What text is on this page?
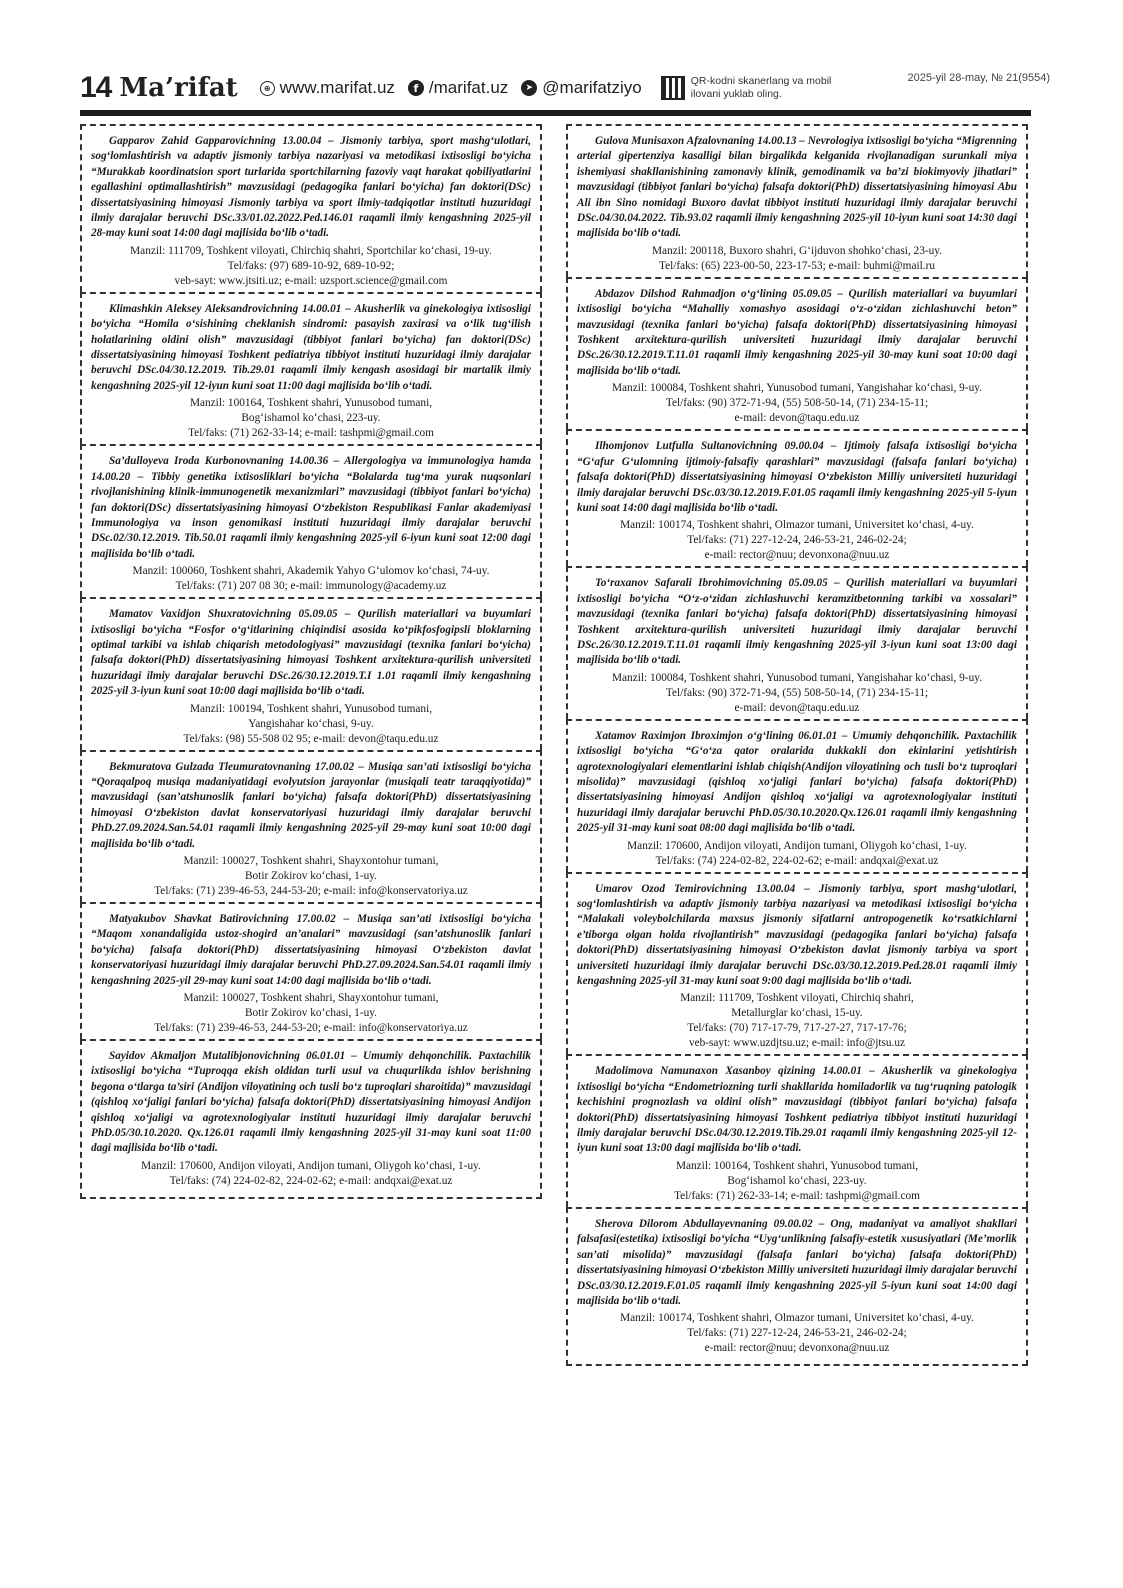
14 Ma’rifat	⊕ www.marifat.uz	f /marifat.uz	➤ @marifatziyo	QR-kodni skanerlang va mobil ilovani yuklab oling.
2025-yil 28-may, № 21(9554)

Gapparov Zahid Gapparovichning 13.00.04 – Jismoniy tarbiya, sport mashg‘ulotlari, sog‘lomlashtirish va adaptiv jismoniy tarbiya nazariyasi va metodikasi ixtisosligi bo‘yicha “Murakkab koordinatsion sport turlarida sportchilarning fazoviy vaqt harakat qobiliyatlarini egallashini optimallashtirish” mavzusidagi (pedagogika fanlari bo‘yicha) fan doktori(DSc) dissertatsiyasining himoyasi Jismoniy tarbiya va sport ilmiy-tadqiqotlar instituti huzuridagi ilmiy darajalar beruvchi DSc.33/01.02.2022.Ped.146.01 raqamli ilmiy kengashning 2025-yil 28-may kuni soat 14:00 dagi majlisida bo‘lib o‘tadi.

Manzil: 111709, Toshkent viloyati, Chirchiq shahri, Sportchilar ko‘chasi, 19-uy.

Tel/faks: (97) 689-10-92, 689-10-92;

veb-sayt: www.jtsiti.uz; e-mail: uzsport.science@gmail.com

Klimashkin Aleksey Aleksandrovichning 14.00.01 – Akusherlik va ginekologiya ixtisosligi bo‘yicha “Homila o‘sishining cheklanish sindromi: pasayish zaxirasi va o‘lik tug‘ilish holatlarining oldini olish” mavzusidagi (tibbiyot fanlari bo‘yicha) fan doktori(DSc) dissertatsiyasining himoyasi Toshkent pediatriya tibbiyot instituti huzuridagi ilmiy darajalar beruvchi DSc.04/30.12.2019. Tib.29.01 raqamli ilmiy kengash asosidagi bir martalik ilmiy kengashning 2025-yil 12-iyun kuni soat 11:00 dagi majlisida bo‘lib o‘tadi.

Manzil: 100164, Toshkent shahri, Yunusobod tumani,

Bog‘ishamol ko‘chasi, 223-uy.

Tel/faks: (71) 262-33-14; e-mail: tashpmi@gmail.com

Sa’dulloyeva Iroda Kurbonovnaning 14.00.36 – Allergologiya va immunologiya hamda 14.00.20 – Tibbiy genetika ixtisosliklari bo‘yicha “Bolalarda tug‘ma yurak nuqsonlari rivojlanishining klinik-immunogenetik mexanizmlari” mavzusidagi (tibbiyot fanlari bo‘yicha) fan doktori(DSc) dissertatsiyasining himoyasi O‘zbekiston Respublikasi Fanlar akademiyasi Immunologiya va inson genomikasi instituti huzuridagi ilmiy darajalar beruvchi DSc.02/30.12.2019. Tib.50.01 raqamli ilmiy kengashning 2025-yil 6-iyun kuni soat 12:00 dagi majlisida bo‘lib o‘tadi.

Manzil: 100060, Toshkent shahri, Akademik Yahyo G‘ulomov ko‘chasi, 74-uy.

Tel/faks: (71) 207 08 30; e-mail: immunology@academy.uz

Mamatov Vaxidjon Shuxratovichning 05.09.05 – Qurilish materiallari va buyumlari ixtisosligi bo‘yicha “Fosfor o‘g‘itlarining chiqindisi asosida ko‘pikfosfogipsli bloklarning optimal tarkibi va ishlab chiqarish metodologiyasi” mavzusidagi (texnika fanlari bo‘yicha) falsafa doktori(PhD) dissertatsiyasining himoyasi Toshkent arxitektura-qurilish universiteti huzuridagi ilmiy darajalar beruvchi DSc.26/30.12.2019.T.I 1.01 raqamli ilmiy kengashning 2025-yil 3-iyun kuni soat 10:00 dagi majlisida bo‘lib o‘tadi.

Manzil: 100194, Toshkent shahri, Yunusobod tumani,

Yangishahar ko‘chasi, 9-uy.

Tel/faks: (98) 55-508 02 95; e-mail: devon@taqu.edu.uz

Bekmuratova Gulzada Tleumuratovnaning 17.00.02 – Musiqa san’ati ixtisosligi bo‘yicha “Qoraqalpoq musiqa madaniyatidagi evolyutsion jarayonlar (musiqali teatr taraqqiyotida)” mavzusidagi (san’atshunoslik fanlari bo‘yicha) falsafa doktori(PhD) dissertatsiyasining himoyasi O‘zbekiston davlat konservatoriyasi huzuridagi ilmiy darajalar beruvchi PhD.27.09.2024.San.54.01 raqamli ilmiy kengashning 2025-yil 29-may kuni soat 10:00 dagi majlisida bo‘lib o‘tadi.

Manzil: 100027, Toshkent shahri, Shayxontohur tumani,

Botir Zokirov ko‘chasi, 1-uy.

Tel/faks: (71) 239-46-53, 244-53-20; e-mail: info@konservatoriya.uz

Matyakubov Shavkat Batirovichning 17.00.02 – Musiqa san’ati ixtisosligi bo‘yicha “Maqom xonandaligida ustoz-shogird an’analari” mavzusidagi (san’atshunoslik fanlari bo‘yicha) falsafa doktori(PhD) dissertatsiyasining himoyasi O‘zbekiston davlat konservatoriyasi huzuridagi ilmiy darajalar beruvchi PhD.27.09.2024.San.54.01 raqamli ilmiy kengashning 2025-yil 29-may kuni soat 14:00 dagi majlisida bo‘lib o‘tadi.

Manzil: 100027, Toshkent shahri, Shayxontohur tumani,

Botir Zokirov ko‘chasi, 1-uy.

Tel/faks: (71) 239-46-53, 244-53-20; e-mail: info@konservatoriya.uz

Sayidov Akmaljon Mutalibjonovichning 06.01.01 – Umumiy dehqonchilik. Paxtachilik ixtisosligi bo‘yicha “Tuproqqa ekish oldidan turli usul va chuqurlikda ishlov berishning begona o‘tlarga ta’siri (Andijon viloyatining och tusli bo‘z tuproqlari sharoitida)” mavzusidagi (qishloq xo‘jaligi fanlari bo‘yicha) falsafa doktori(PhD) dissertatsiyasining himoyasi Andijon qishloq xo‘jaligi va agrotexnologiyalar instituti huzuridagi ilmiy darajalar beruvchi PhD.05/30.10.2020. Qx.126.01 raqamli ilmiy kengashning 2025-yil 31-may kuni soat 11:00 dagi majlisida bo‘lib o‘tadi.

Manzil: 170600, Andijon viloyati, Andijon tumani, Oliygoh ko‘chasi, 1-uy.

Tel/faks: (74) 224-02-82, 224-02-62; e-mail: andqxai@exat.uz

Gulova Munisaxon Afzalovnaning 14.00.13 – Nevrologiya ixtisosligi bo‘yicha “Migrenning arterial gipertenziya kasalligi bilan birgalikda kelganida rivojlanadigan surunkali miya ishemiyasi shakllanishining zamonaviy klinik, gemodinamik va ba’zi biokimyoviy jihatlari” mavzusidagi (tibbiyot fanlari bo‘yicha) falsafa doktori(PhD) dissertatsiyasining himoyasi Abu Ali ibn Sino nomidagi Buxoro davlat tibbiyot instituti huzuridagi ilmiy darajalar beruvchi DSc.04/30.04.2022. Tib.93.02 raqamli ilmiy kengashning 2025-yil 10-iyun kuni soat 14:30 dagi majlisida bo‘lib o‘tadi.

Manzil: 200118, Buxoro shahri, G‘ijduvon shohko‘chasi, 23-uy.

Tel/faks: (65) 223-00-50, 223-17-53; e-mail: buhmi@mail.ru

Abdazov Dilshod Rahmadjon o‘g‘lining 05.09.05 – Qurilish materiallari va buyumlari ixtisosligi bo‘yicha “Mahalliy xomashyo asosidagi o‘z-o‘zidan zichlashuvchi beton” mavzusidagi (texnika fanlari bo‘yicha) falsafa doktori(PhD) dissertatsiyasining himoyasi Toshkent arxitektura-qurilish universiteti huzuridagi ilmiy darajalar beruvchi DSc.26/30.12.2019.T.11.01 raqamli ilmiy kengashning 2025-yil 30-may kuni soat 10:00 dagi majlisida bo‘lib o‘tadi.

Manzil: 100084, Toshkent shahri, Yunusobod tumani, Yangishahar ko‘chasi, 9-uy.

Tel/faks: (90) 372-71-94, (55) 508-50-14, (71) 234-15-11;

e-mail: devon@taqu.edu.uz

Ilhomjonov Lutfulla Sultanovichning 09.00.04 – Ijtimoiy falsafa ixtisosligi bo‘yicha “G‘afur G‘ulomning ijtimoiy-falsafiy qarashlari” mavzusidagi (falsafa fanlari bo‘yicha) falsafa doktori(PhD) dissertatsiyasining himoyasi O‘zbekiston Milliy universiteti huzuridagi ilmiy darajalar beruvchi DSc.03/30.12.2019.F.01.05 raqamli ilmiy kengashning 2025-yil 5-iyun kuni soat 14:00 dagi majlisida bo‘lib o‘tadi.

Manzil: 100174, Toshkent shahri, Olmazor tumani, Universitet ko‘chasi, 4-uy.

Tel/faks: (71) 227-12-24, 246-53-21, 246-02-24;

e-mail: rector@nuu; devonxona@nuu.uz

To‘raxanov Safarali Ibrohimovichning 05.09.05 – Qurilish materiallari va buyumlari ixtisosligi bo‘yicha “O‘z-o‘zidan zichlashuvchi keramzitbetonning tarkibi va xossalari” mavzusidagi (texnika fanlari bo‘yicha) falsafa doktori(PhD) dissertatsiyasining himoyasi Toshkent arxitektura-qurilish universiteti huzuridagi ilmiy darajalar beruvchi DSc.26/30.12.2019.T.11.01 raqamli ilmiy kengashning 2025-yil 3-iyun kuni soat 13:00 dagi majlisida bo‘lib o‘tadi.

Manzil: 100084, Toshkent shahri, Yunusobod tumani, Yangishahar ko‘chasi, 9-uy.

Tel/faks: (90) 372-71-94, (55) 508-50-14, (71) 234-15-11;

e-mail: devon@taqu.edu.uz

Xatamov Raximjon Ibroximjon o‘g‘lining 06.01.01 – Umumiy dehqonchilik. Paxtachilik ixtisosligi bo‘yicha “G‘o‘za qator oralarida dukkakli don ekinlarini yetishtirish agrotexnologiyalari elementlarini ishlab chiqish(Andijon viloyatining och tusli bo‘z tuproqlari misolida)” mavzusidagi (qishloq xo‘jaligi fanlari bo‘yicha) falsafa doktori(PhD) dissertatsiyasining himoyasi Andijon qishloq xo‘jaligi va agrotexnologiyalar instituti huzuridagi ilmiy darajalar beruvchi PhD.05/30.10.2020.Qx.126.01 raqamli ilmiy kengashning 2025-yil 31-may kuni soat 08:00 dagi majlisida bo‘lib o‘tadi.

Manzil: 170600, Andijon viloyati, Andijon tumani, Oliygoh ko‘chasi, 1-uy.

Tel/faks: (74) 224-02-82, 224-02-62; e-mail: andqxai@exat.uz

Umarov Ozod Temirovichning 13.00.04 – Jismoniy tarbiya, sport mashg‘ulotlari, sog‘lomlashtirish va adaptiv jismoniy tarbiya nazariyasi va metodikasi ixtisosligi bo‘yicha “Malakali voleybolchilarda maxsus jismoniy sifatlarni antropogenetik ko‘rsatkichlarni e’tiborga olgan holda rivojlantirish” mavzusidagi (pedagogika fanlari bo‘yicha) falsafa doktori(PhD) dissertatsiyasining himoyasi O‘zbekiston davlat jismoniy tarbiya va sport universiteti huzuridagi ilmiy darajalar beruvchi DSc.03/30.12.2019.Ped.28.01 raqamli ilmiy kengashning 2025-yil 31-may kuni soat 9:00 dagi majlisida bo‘lib o‘tadi.

Manzil: 111709, Toshkent viloyati, Chirchiq shahri,

Metallurglar ko‘chasi, 15-uy.

Tel/faks: (70) 717-17-79, 717-27-27, 717-17-76;

veb-sayt: www.uzdjtsu.uz; e-mail: info@jtsu.uz

Madolimova Namunaxon Xasanboy qizining 14.00.01 – Akusherlik va ginekologiya ixtisosligi bo‘yicha “Endometriozning turli shakllarida homiladorlik va tug‘ruqning patologik kechishini prognozlash va oldini olish” mavzusidagi (tibbiyot fanlari bo‘yicha) falsafa doktori(PhD) dissertatsiyasining himoyasi Toshkent pediatriya tibbiyot instituti huzuridagi ilmiy darajalar beruvchi DSc.04/30.12.2019.Tib.29.01 raqamli ilmiy kengashning 2025-yil 12-iyun kuni soat 13:00 dagi majlisida bo‘lib o‘tadi.

Manzil: 100164, Toshkent shahri, Yunusobod tumani,

Bog‘ishamol ko‘chasi, 223-uy.

Tel/faks: (71) 262-33-14; e-mail: tashpmi@gmail.com

Sherova Dilorom Abdullayevnaning 09.00.02 – Ong, madaniyat va amaliyot shakllari falsafasi(estetika) ixtisosligi bo‘yicha “Uyg‘unlikning falsafiy-estetik xususiyatlari (Me’morlik san’ati misolida)” mavzusidagi (falsafa fanlari bo‘yicha) falsafa doktori(PhD) dissertatsiyasining himoyasi O‘zbekiston Milliy universiteti huzuridagi ilmiy darajalar beruvchi DSc.03/30.12.2019.F.01.05 raqamli ilmiy kengashning 2025-yil 5-iyun kuni soat 14:00 dagi majlisida bo‘lib o‘tadi.

Manzil: 100174, Toshkent shahri, Olmazor tumani, Universitet ko‘chasi, 4-uy.

Tel/faks: (71) 227-12-24, 246-53-21, 246-02-24;

e-mail: rector@nuu; devonxona@nuu.uz
